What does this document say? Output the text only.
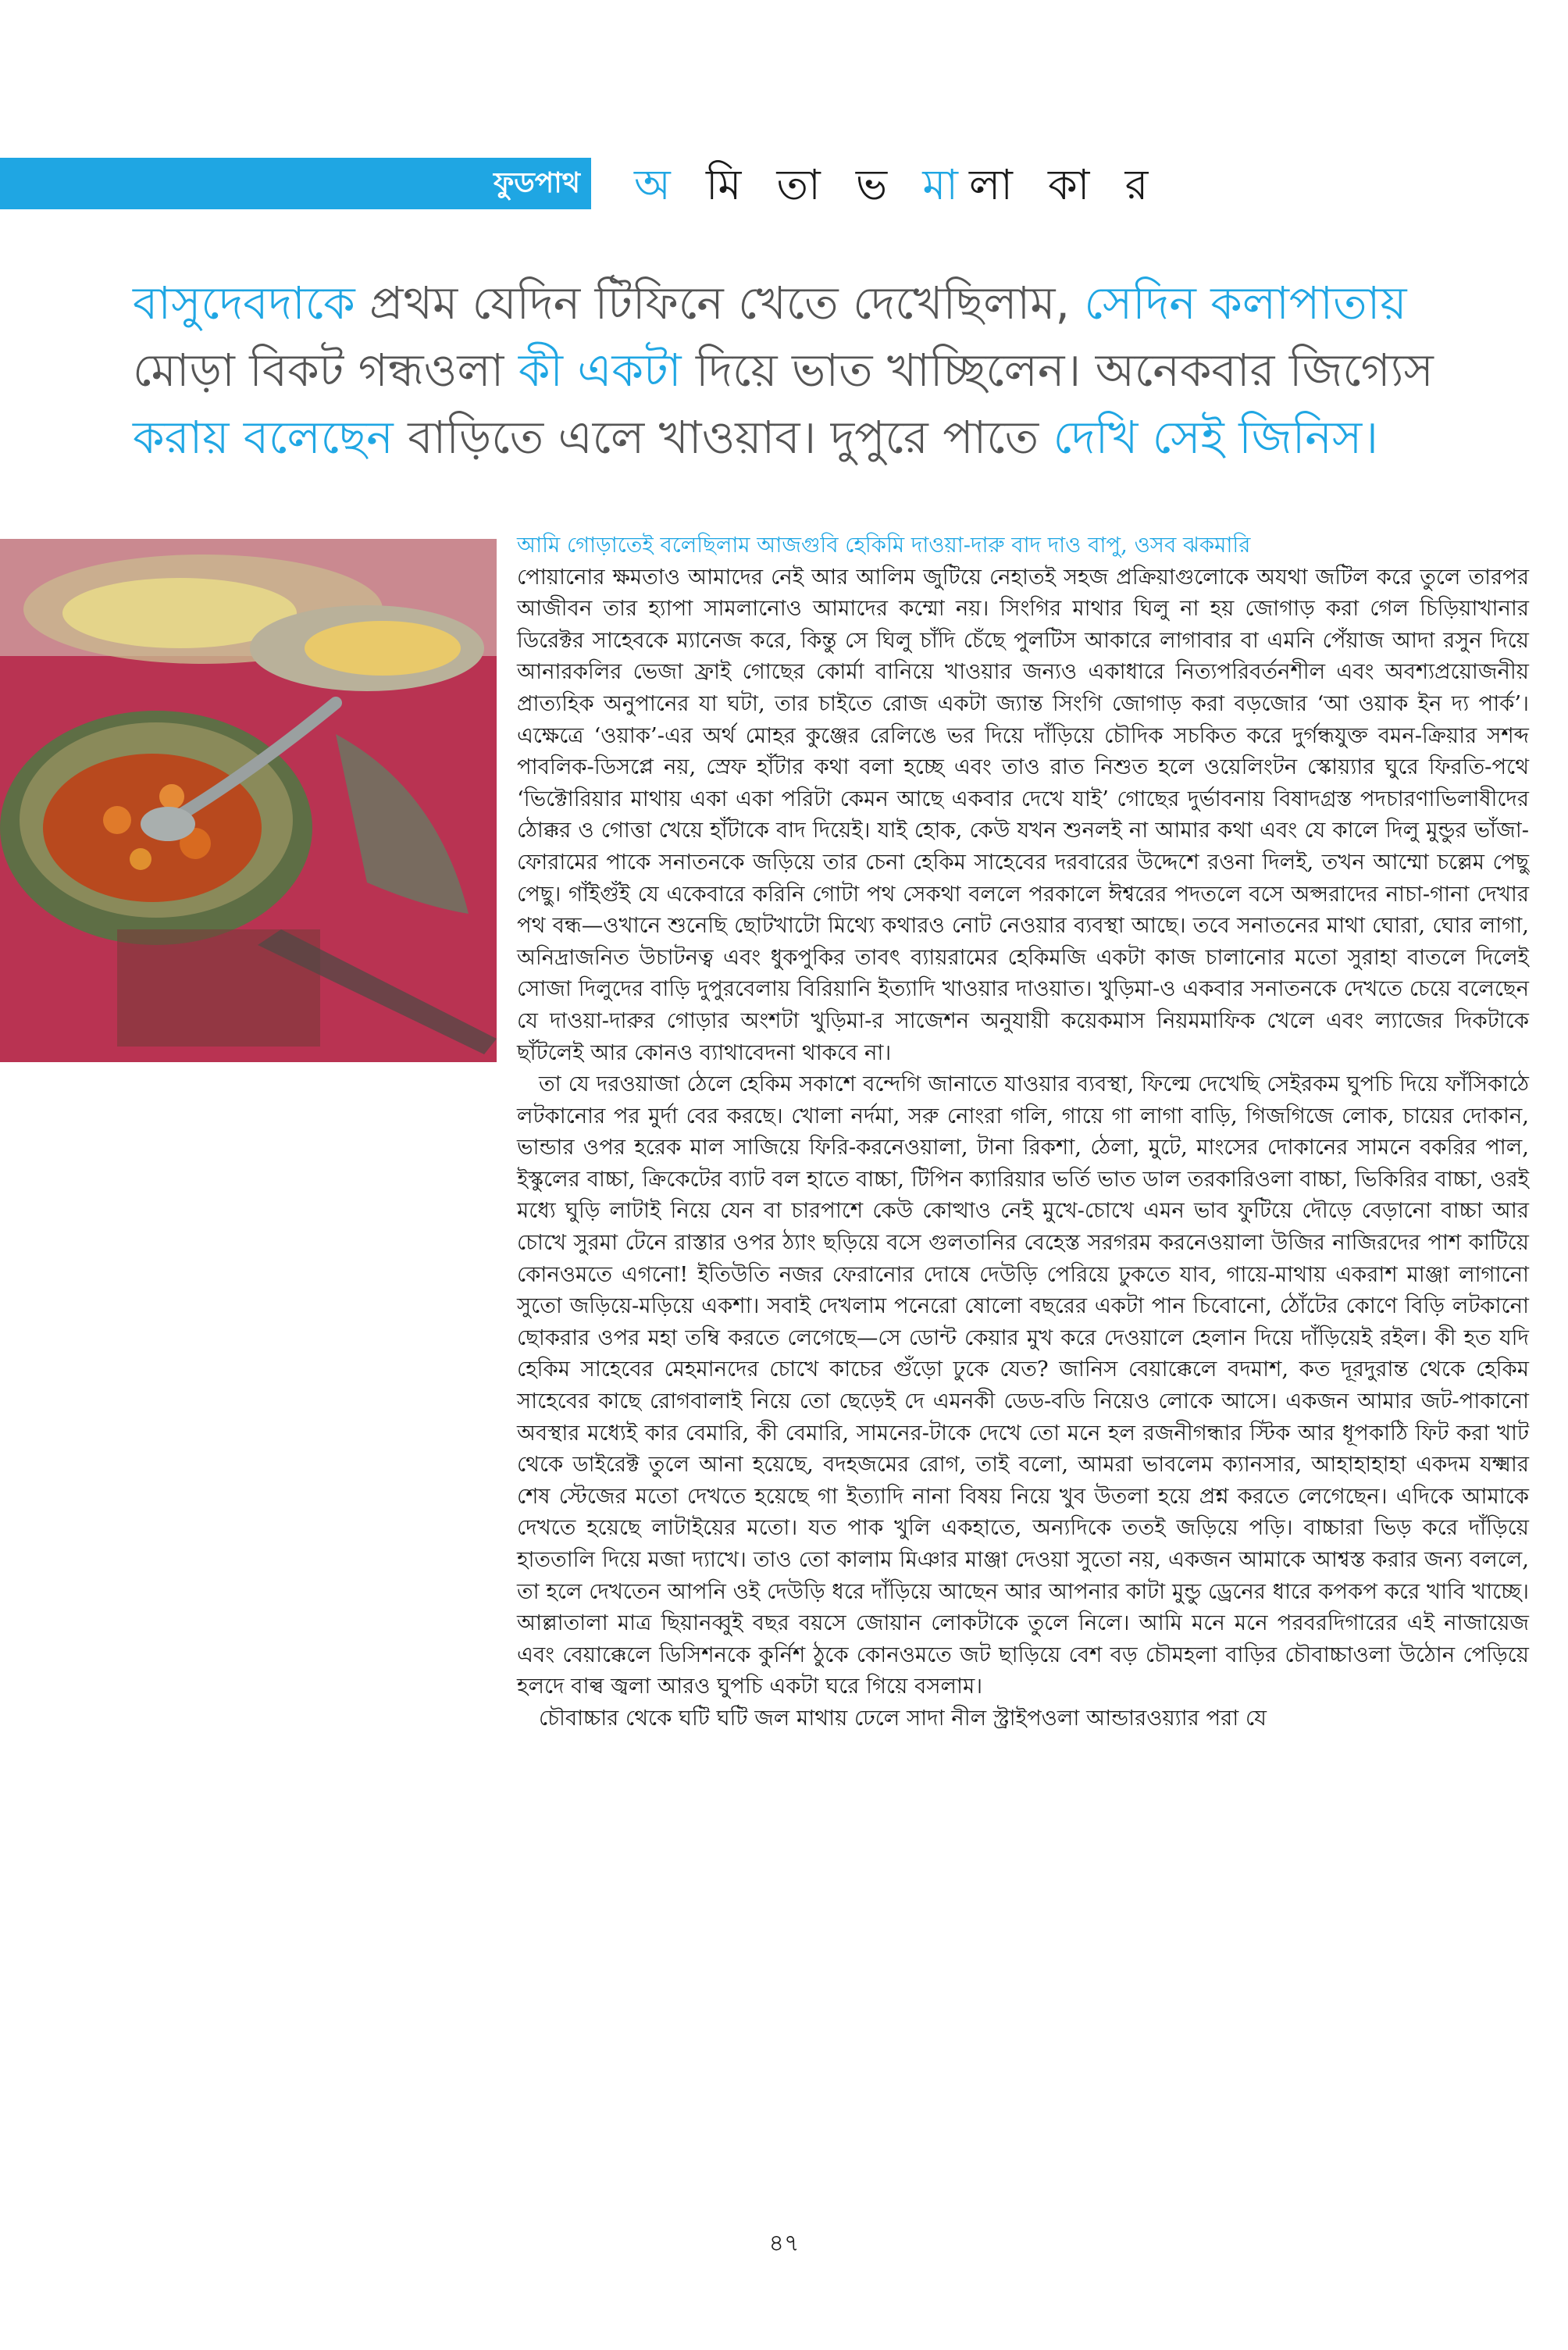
ফুডপাথ অ মি তা ভ মালা কা র
বাসুদেবদাকে প্রথম যেদিন টিফিনে খেতে দেখেছিলাম, সেদিন কলাপাতায় মোড়া বিকট গন্ধওলা কী একটা দিয়ে ভাত খাচ্ছিলেন। অনেকবার জিগ্যেস করায় বলেছেন বাড়িতে এলে খাওয়াব। দুপুরে পাতে দেখি সেই জিনিস।

আমি গোড়াতেই বলেছিলাম আজগুবি হেকিমি দাওয়া-দারু বাদ দাও বাপু, ওসব ঝকমারি

পোয়ানোর ক্ষমতাও আমাদের নেই আর আলিম জুটিয়ে নেহাতই সহজ প্রক্রিয়াগুলোকে অযথা জটিল করে তুলে তারপর আজীবন তার হ্যাপা সামলানোও আমাদের কম্মো নয়। সিংগির মাথার ঘিলু না হয় জোগাড় করা গেল চিড়িয়াখানার ডিরেক্টর সাহেবকে ম্যানেজ করে, কিন্তু সে ঘিলু চাঁদি চেঁছে পুলটিস আকারে লাগাবার বা এমনি পেঁয়াজ আদা রসুন দিয়ে আনারকলির ভেজা ফ্রাই গোছের কোর্মা বানিয়ে খাওয়ার জন্যও একাধারে নিত্যপরিবর্তনশীল এবং অবশ্যপ্রয়োজনীয় প্রাত্যহিক অনুপানের যা ঘটা, তার চাইতে রোজ একটা জ্যান্ত সিংগি জোগাড় করা বড়জোর ‘আ ওয়াক ইন দ্য পার্ক’। এক্ষেত্রে ‘ওয়াক’-এর অর্থ মোহর কুঞ্জের রেলিঙে ভর দিয়ে দাঁড়িয়ে চৌদিক সচকিত করে দুর্গন্ধযুক্ত বমন-ক্রিয়ার সশব্দ পাবলিক-ডিসপ্লে নয়, স্রেফ হাঁটার কথা বলা হচ্ছে এবং তাও রাত নিশুত হলে ওয়েলিংটন স্কোয়্যার ঘুরে ফিরতি-পথে ‘ভিক্টোরিয়ার মাথায় একা একা পরিটা কেমন আছে একবার দেখে যাই’ গোছের দুর্ভাবনায় বিষাদগ্রস্ত পদচারণাভিলাষীদের ঠোক্কর ও গোত্তা খেয়ে হাঁটাকে বাদ দিয়েই। যাই হোক, কেউ যখন শুনলই না আমার কথা এবং যে কালে দিলু মুন্ডুর ভাঁজা-ফোরামের পাকে সনাতনকে জড়িয়ে তার চেনা হেকিম সাহেবের দরবারের উদ্দেশে রওনা দিলই, তখন আম্মো চল্লেম পেছু পেছু। গাঁইগুঁই যে একেবারে করিনি গোটা পথ সেকথা বললে পরকালে ঈশ্বরের পদতলে বসে অপ্সরাদের নাচা-গানা দেখার পথ বন্ধ—ওখানে শুনেছি ছোটখাটো মিথ্যে কথারও নোট নেওয়ার ব্যবস্থা আছে। তবে সনাতনের মাথা ঘোরা, ঘোর লাগা, অনিদ্রাজনিত উচাটনত্ব এবং ধুকপুকির তাবৎ ব্যায়রামের হেকিমজি একটা কাজ চালানোর মতো সুরাহা বাতলে দিলেই সোজা দিলুদের বাড়ি দুপুরবেলায় বিরিয়ানি ইত্যাদি খাওয়ার দাওয়াত। খুড়িমা-ও একবার সনাতনকে দেখতে চেয়ে বলেছেন যে দাওয়া-দারুর গোড়ার অংশটা খুড়িমা-র সাজেশন অনুযায়ী কয়েকমাস নিয়মমাফিক খেলে এবং ল্যাজের দিকটাকে ছাঁটলেই আর কোনও ব্যাথাবেদনা থাকবে না।

তা যে দরওয়াজা ঠেলে হেকিম সকাশে বন্দেগি জানাতে যাওয়ার ব্যবস্থা, ফিল্মে দেখেছি সেইরকম ঘুপচি দিয়ে ফাঁসিকাঠে লটকানোর পর মুর্দা বের করছে। খোলা নর্দমা, সরু নোংরা গলি, গায়ে গা লাগা বাড়ি, গিজগিজে লোক, চায়ের দোকান, ভান্ডার ওপর হরেক মাল সাজিয়ে ফিরি-করনেওয়ালা, টানা রিকশা, ঠেলা, মুটে, মাংসের দোকানের সামনে বকরির পাল, ইস্কুলের বাচ্চা, ক্রিকেটের ব্যাট বল হাতে বাচ্চা, টিপিন ক্যারিয়ার ভর্তি ভাত ডাল তরকারিওলা বাচ্চা, ভিকিরির বাচ্চা, ওরই মধ্যে ঘুড়ি লাটাই নিয়ে যেন বা চারপাশে কেউ কোত্থাও নেই মুখে-চোখে এমন ভাব ফুটিয়ে দৌড়ে বেড়ানো বাচ্চা আর চোখে সুরমা টেনে রাস্তার ওপর ঠ্যাং ছড়িয়ে বসে গুলতানির বেহেস্ত সরগরম করনেওয়ালা উজির নাজিরদের পাশ কাটিয়ে কোনওমতে এগনো! ইতিউতি নজর ফেরানোর দোষে দেউড়ি পেরিয়ে ঢুকতে যাব, গায়ে-মাথায় একরাশ মাঞ্জা লাগানো সুতো জড়িয়ে-মড়িয়ে একশা। সবাই দেখলাম পনেরো ষোলো বছরের একটা পান চিবোনো, ঠোঁটের কোণে বিড়ি লটকানো ছোকরার ওপর মহা তম্বি করতে লেগেছে—সে ডোন্ট কেয়ার মুখ করে দেওয়ালে হেলান দিয়ে দাঁড়িয়েই রইল। কী হত যদি হেকিম সাহেবের মেহমানদের চোখে কাচের গুঁড়ো ঢুকে যেত? জানিস বেয়াক্কেলে বদমাশ, কত দূরদুরান্ত থেকে হেকিম সাহেবের কাছে রোগবালাই নিয়ে তো ছেড়েই দে এমনকী ডেড-বডি নিয়েও লোকে আসে। একজন আমার জট-পাকানো অবস্থার মধ্যেই কার বেমারি, কী বেমারি, সামনের-টাকে দেখে তো মনে হল রজনীগন্ধার স্টিক আর ধূপকাঠি ফিট করা খাট থেকে ডাইরেক্ট তুলে আনা হয়েছে, বদহজমের রোগ, তাই বলো, আমরা ভাবলেম ক্যানসার, আহাহাহাহা একদম যক্ষ্মার শেষ স্টেজের মতো দেখতে হয়েছে গা ইত্যাদি নানা বিষয় নিয়ে খুব উতলা হয়ে প্রশ্ন করতে লেগেছেন। এদিকে আমাকে দেখতে হয়েছে লাটাইয়ের মতো। যত পাক খুলি একহাতে, অন্যদিকে ততই জড়িয়ে পড়ি। বাচ্চারা ভিড় করে দাঁড়িয়ে হাততালি দিয়ে মজা দ্যাখে। তাও তো কালাম মিঞার মাঞ্জা দেওয়া সুতো নয়, একজন আমাকে আশ্বস্ত করার জন্য বললে, তা হলে দেখতেন আপনি ওই দেউড়ি ধরে দাঁড়িয়ে আছেন আর আপনার কাটা মুন্ডু ড্রেনের ধারে কপকপ করে খাবি খাচ্ছে। আল্লাতালা মাত্র ছিয়ানব্বুই বছর বয়সে জোয়ান লোকটাকে তুলে নিলে। আমি মনে মনে পরবরদিগারের এই নাজায়েজ এবং বেয়াক্কেলে ডিসিশনকে কুর্নিশ ঠুকে কোনওমতে জট ছাড়িয়ে বেশ বড় চৌমহলা বাড়ির চৌবাচ্চাওলা উঠোন পেড়িয়ে হলদে বাল্ব জ্বলা আরও ঘুপচি একটা ঘরে গিয়ে বসলাম।

চৌবাচ্চার থেকে ঘটি ঘটি জল মাথায় ঢেলে সাদা নীল স্ট্রাইপওলা আন্ডারওয়্যার পরা যে

৪৭
